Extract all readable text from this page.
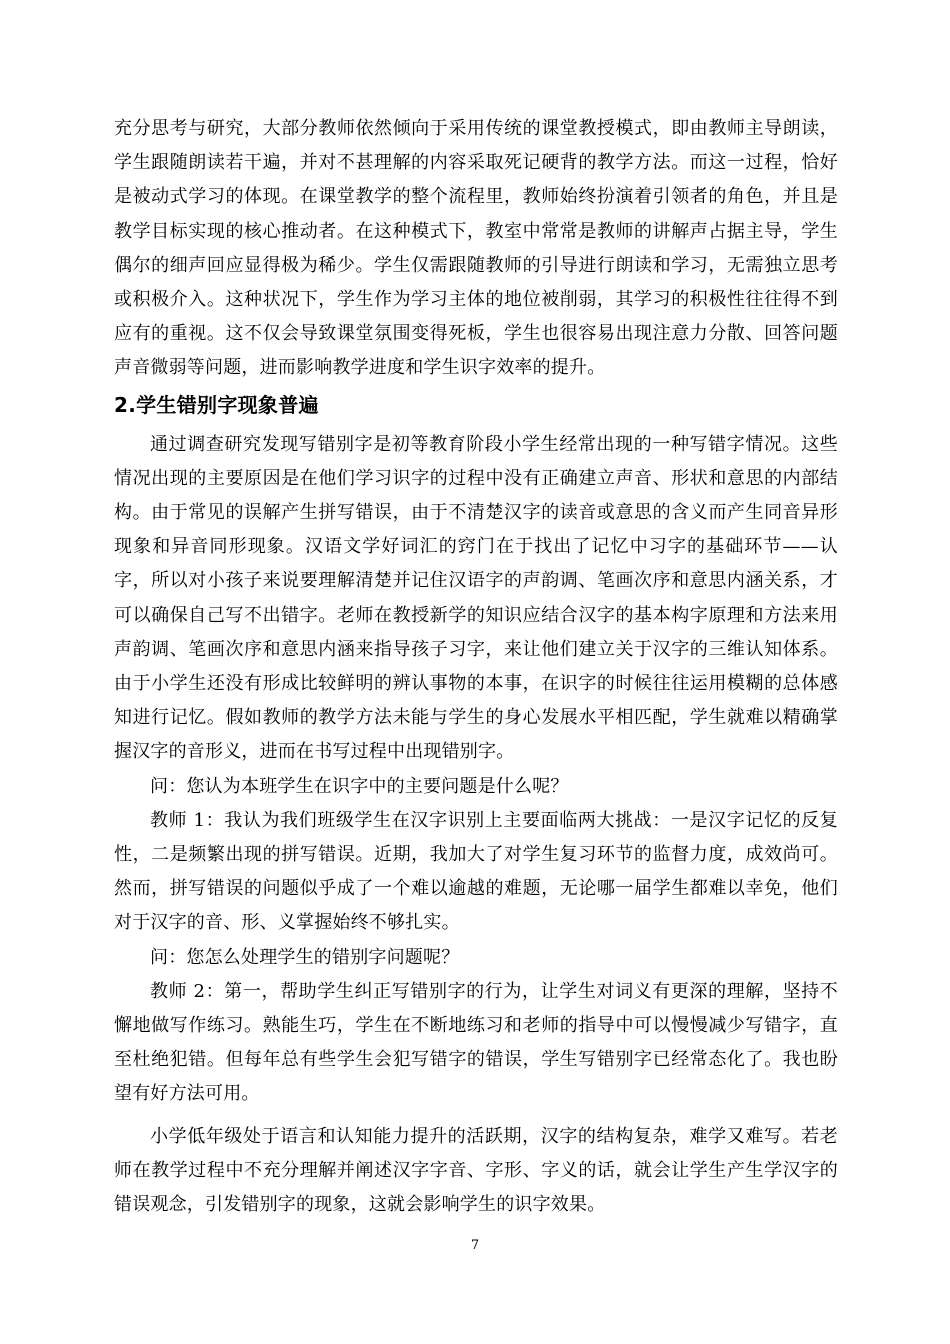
充分思考与研究，大部分教师依然倾向于采用传统的课堂教授模式，即由教师主导朗读，学生跟随朗读若干遍，并对不甚理解的内容采取死记硬背的教学方法。而这一过程，恰好是被动式学习的体现。在课堂教学的整个流程里，教师始终扮演着引领者的角色，并且是教学目标实现的核心推动者。在这种模式下，教室中常常是教师的讲解声占据主导，学生偶尔的细声回应显得极为稀少。学生仅需跟随教师的引导进行朗读和学习，无需独立思考或积极介入。这种状况下，学生作为学习主体的地位被削弱，其学习的积极性往往得不到应有的重视。这不仅会导致课堂氛围变得死板，学生也很容易出现注意力分散、回答问题声音微弱等问题，进而影响教学进度和学生识字效率的提升。

2.学生错别字现象普遍

通过调查研究发现写错别字是初等教育阶段小学生经常出现的一种写错字情况。这些情况出现的主要原因是在他们学习识字的过程中没有正确建立声音、形状和意思的内部结构。由于常见的误解产生拼写错误，由于不清楚汉字的读音或意思的含义而产生同音异形现象和异音同形现象。汉语文学好词汇的窍门在于找出了记忆中习字的基础环节——认字，所以对小孩子来说要理解清楚并记住汉语字的声韵调、笔画次序和意思内涵关系，才可以确保自己写不出错字。老师在教授新学的知识应结合汉字的基本构字原理和方法来用声韵调、笔画次序和意思内涵来指导孩子习字，来让他们建立关于汉字的三维认知体系。由于小学生还没有形成比较鲜明的辨认事物的本事，在识字的时候往往运用模糊的总体感知进行记忆。假如教师的教学方法未能与学生的身心发展水平相匹配，学生就难以精确掌握汉字的音形义，进而在书写过程中出现错别字。

问：您认为本班学生在识字中的主要问题是什么呢？

教师 1：我认为我们班级学生在汉字识别上主要面临两大挑战：一是汉字记忆的反复性，二是频繁出现的拼写错误。近期，我加大了对学生复习环节的监督力度，成效尚可。然而，拼写错误的问题似乎成了一个难以逾越的难题，无论哪一届学生都难以幸免，他们对于汉字的音、形、义掌握始终不够扎实。

问：您怎么处理学生的错别字问题呢？

教师 2：第一，帮助学生纠正写错别字的行为，让学生对词义有更深的理解，坚持不懈地做写作练习。熟能生巧，学生在不断地练习和老师的指导中可以慢慢减少写错字，直至杜绝犯错。但每年总有些学生会犯写错字的错误，学生写错别字已经常态化了。我也盼望有好方法可用。

小学低年级处于语言和认知能力提升的活跃期，汉字的结构复杂，难学又难写。若老师在教学过程中不充分理解并阐述汉字字音、字形、字义的话，就会让学生产生学汉字的错误观念，引发错别字的现象，这就会影响学生的识字效果。

7
